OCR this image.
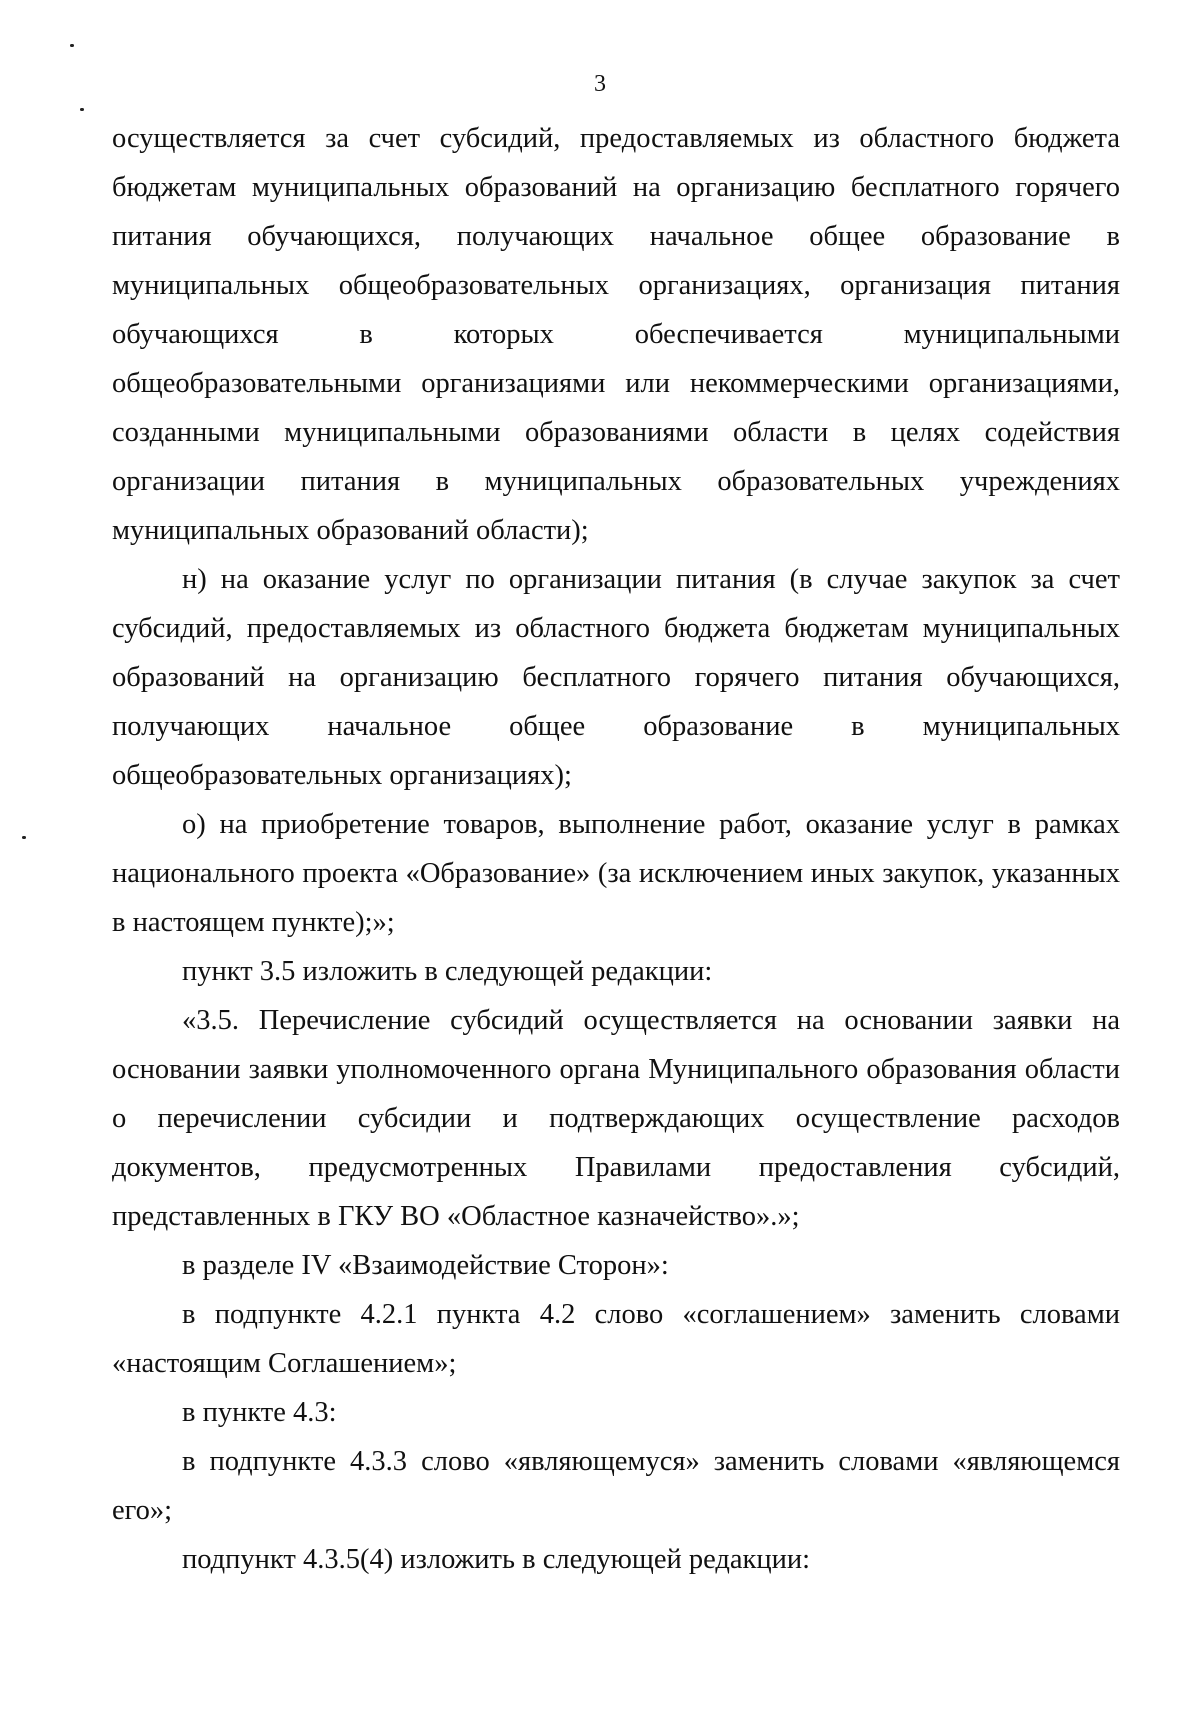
3

осуществляется за счет субсидий, предоставляемых из областного бюджета бюджетам муниципальных образований на организацию бесплатного горячего питания обучающихся, получающих начальное общее образование в муниципальных общеобразовательных организациях, организация питания обучающихся в которых обеспечивается муниципальными общеобразовательными организациями или некоммерческими организациями, созданными муниципальными образованиями области в целях содействия организации питания в муниципальных образовательных учреждениях муниципальных образований области);

н) на оказание услуг по организации питания (в случае закупок за счет субсидий, предоставляемых из областного бюджета бюджетам муниципальных образований на организацию бесплатного горячего питания обучающихся, получающих начальное общее образование в муниципальных общеобразовательных организациях);

о) на приобретение товаров, выполнение работ, оказание услуг в рамках национального проекта «Образование» (за исключением иных закупок, указанных в настоящем пункте);»;

пункт 3.5 изложить в следующей редакции:

«3.5. Перечисление субсидий осуществляется на основании заявки на основании заявки уполномоченного органа Муниципального образования области о перечислении субсидии и подтверждающих осуществление расходов документов, предусмотренных Правилами предоставления субсидий, представленных в ГКУ ВО «Областное казначейство».»;

в разделе IV «Взаимодействие Сторон»:

в подпункте 4.2.1 пункта 4.2 слово «соглашением» заменить словами «настоящим Соглашением»;

в пункте 4.3:

в подпункте 4.3.3 слово «являющемуся» заменить словами «являющемся его»;

подпункт 4.3.5(4) изложить в следующей редакции:
